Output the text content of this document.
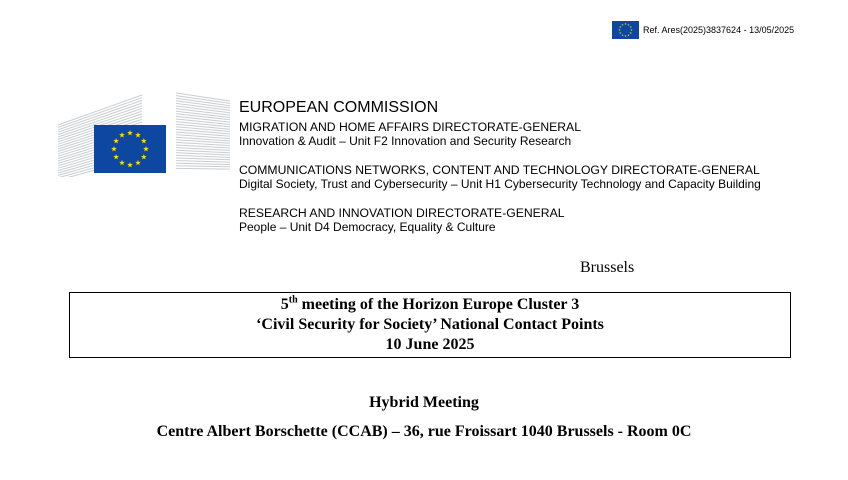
Ref. Ares(2025)3837624 - 13/05/2025
EUROPEAN COMMISSION
MIGRATION AND HOME AFFAIRS DIRECTORATE-GENERAL
Innovation & Audit – Unit F2 Innovation and Security Research
COMMUNICATIONS NETWORKS, CONTENT AND TECHNOLOGY DIRECTORATE-GENERAL
Digital Society, Trust and Cybersecurity – Unit H1 Cybersecurity Technology and Capacity Building
RESEARCH AND INNOVATION DIRECTORATE-GENERAL
People – Unit D4 Democracy, Equality & Culture
Brussels
5th meeting of the Horizon Europe Cluster 3
‘Civil Security for Society’ National Contact Points
10 June 2025
Hybrid Meeting
Centre Albert Borschette (CCAB) – 36, rue Froissart 1040 Brussels - Room 0C
